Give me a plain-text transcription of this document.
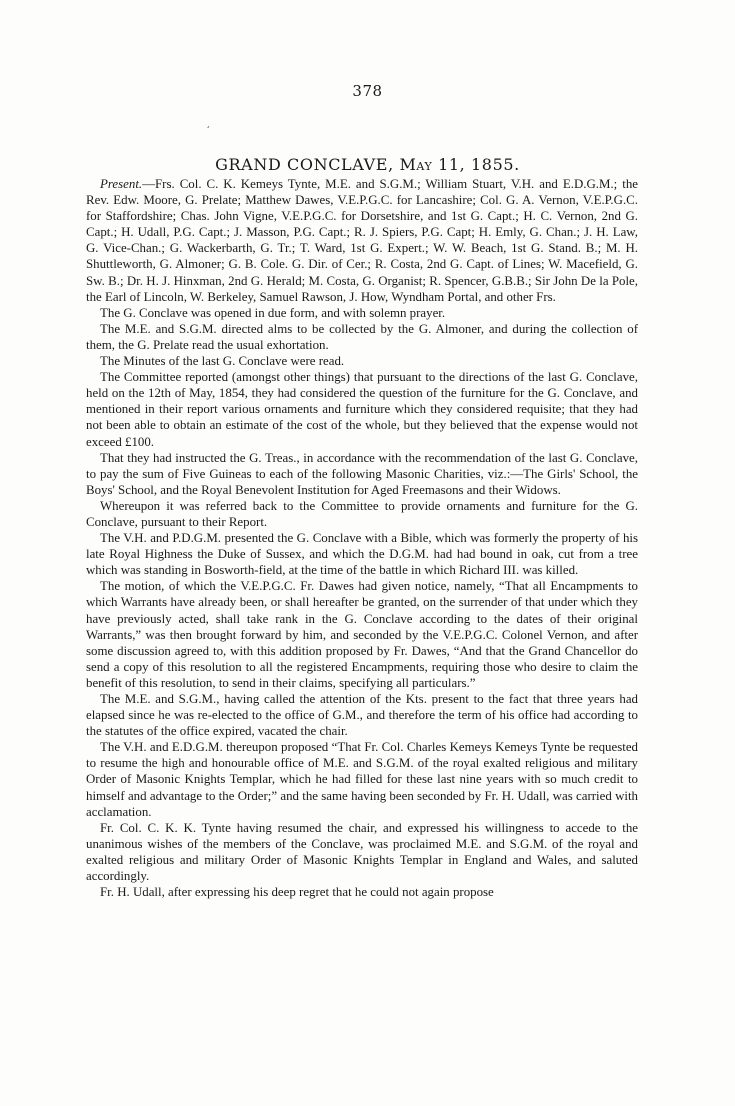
378
¸
GRAND CONCLAVE, May 11, 1855.

Present.—Frs. Col. C. K. Kemeys Tynte, M.E. and S.G.M.; William Stuart, V.H. and E.D.G.M.; the Rev. Edw. Moore, G. Prelate; Matthew Dawes, V.E.P.G.C. for Lancashire; Col. G. A. Vernon, V.E.P.G.C. for Staffordshire; Chas. John Vigne, V.E.P.G.C. for Dorsetshire, and 1st G. Capt.; H. C. Vernon, 2nd G. Capt.; H. Udall, P.G. Capt.; J. Masson, P.G. Capt.; R. J. Spiers, P.G. Capt; H. Emly, G. Chan.; J. H. Law, G. Vice-Chan.; G. Wackerbarth, G. Tr.; T. Ward, 1st G. Expert.; W. W. Beach, 1st G. Stand. B.; M. H. Shuttleworth, G. Almoner; G. B. Cole. G. Dir. of Cer.; R. Costa, 2nd G. Capt. of Lines; W. Macefield, G. Sw. B.; Dr. H. J. Hinxman, 2nd G. Herald; M. Costa, G. Organist; R. Spencer, G.B.B.; Sir John De la Pole, the Earl of Lincoln, W. Berkeley, Samuel Rawson, J. How, Wyndham Portal, and other Frs.

The G. Conclave was opened in due form, and with solemn prayer.

The M.E. and S.G.M. directed alms to be collected by the G. Almoner, and during the collection of them, the G. Prelate read the usual exhortation.

The Minutes of the last G. Conclave were read.

The Committee reported (amongst other things) that pursuant to the directions of the last G. Conclave, held on the 12th of May, 1854, they had considered the question of the furniture for the G. Conclave, and mentioned in their report various ornaments and furniture which they considered requisite; that they had not been able to obtain an estimate of the cost of the whole, but they believed that the expense would not exceed £100.

That they had instructed the G. Treas., in accordance with the recommendation of the last G. Conclave, to pay the sum of Five Guineas to each of the following Masonic Charities, viz.:—The Girls' School, the Boys' School, and the Royal Benevolent Institution for Aged Freemasons and their Widows.

Whereupon it was referred back to the Committee to provide ornaments and furniture for the G. Conclave, pursuant to their Report.

The V.H. and P.D.G.M. presented the G. Conclave with a Bible, which was formerly the property of his late Royal Highness the Duke of Sussex, and which the D.G.M. had had bound in oak, cut from a tree which was standing in Bosworth-field, at the time of the battle in which Richard III. was killed.

The motion, of which the V.E.P.G.C. Fr. Dawes had given notice, namely, “That all Encampments to which Warrants have already been, or shall hereafter be granted, on the surrender of that under which they have previously acted, shall take rank in the G. Conclave according to the dates of their original Warrants,” was then brought forward by him, and seconded by the V.E.P.G.C. Colonel Vernon, and after some discussion agreed to, with this addition proposed by Fr. Dawes, “And that the Grand Chancellor do send a copy of this resolution to all the registered Encampments, requiring those who desire to claim the benefit of this resolution, to send in their claims, specifying all particulars.”

The M.E. and S.G.M., having called the attention of the Kts. present to the fact that three years had elapsed since he was re-elected to the office of G.M., and therefore the term of his office had according to the statutes of the office expired, vacated the chair.

The V.H. and E.D.G.M. thereupon proposed “That Fr. Col. Charles Kemeys Kemeys Tynte be requested to resume the high and honourable office of M.E. and S.G.M. of the royal exalted religious and military Order of Masonic Knights Templar, which he had filled for these last nine years with so much credit to himself and advantage to the Order;” and the same having been seconded by Fr. H. Udall, was carried with acclamation.

Fr. Col. C. K. K. Tynte having resumed the chair, and expressed his willingness to accede to the unanimous wishes of the members of the Conclave, was proclaimed M.E. and S.G.M. of the royal and exalted religious and military Order of Masonic Knights Templar in England and Wales, and saluted accordingly.

Fr. H. Udall, after expressing his deep regret that he could not again propose
